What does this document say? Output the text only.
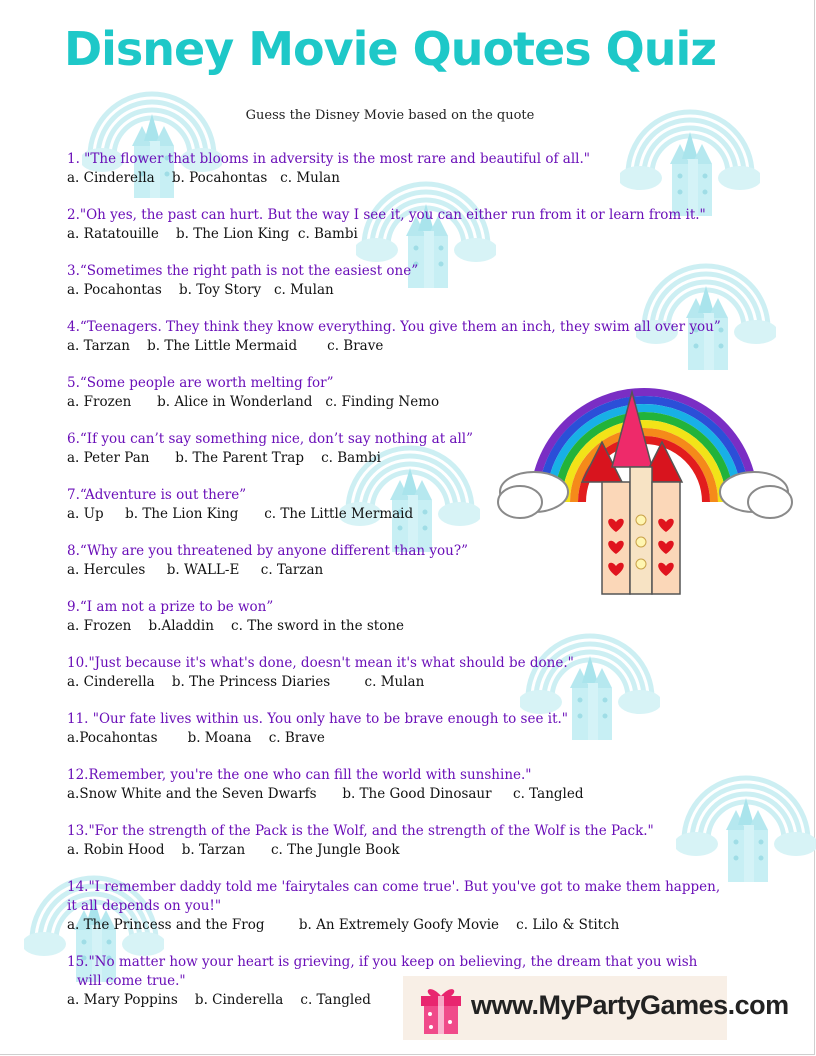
Disney Movie Quotes Quiz
Guess the Disney Movie based on the quote
1. "The flower that blooms in adversity is the most rare and beautiful of all."
a. Cinderella    b. Pocahontas   c. Mulan
2."Oh yes, the past can hurt. But the way I see it, you can either run from it or learn from it."
a. Ratatouille    b. The Lion King  c. Bambi
3.“Sometimes the right path is not the easiest one”
a. Pocahontas    b. Toy Story   c. Mulan
4.“Teenagers. They think they know everything. You give them an inch, they swim all over you”
a. Tarzan    b. The Little Mermaid       c. Brave
5.“Some people are worth melting for”
a. Frozen      b. Alice in Wonderland   c. Finding Nemo
6.“If you can’t say something nice, don’t say nothing at all”
a. Peter Pan      b. The Parent Trap    c. Bambi
7.“Adventure is out there”
a. Up     b. The Lion King      c. The Little Mermaid
8.“Why are you threatened by anyone different than you?”
a. Hercules     b. WALL-E     c. Tarzan
9.“I am not a prize to be won”
a. Frozen    b.Aladdin    c. The sword in the stone
10."Just because it's what's done, doesn't mean it's what should be done."
a. Cinderella    b. The Princess Diaries        c. Mulan
11. "Our fate lives within us. You only have to be brave enough to see it."
a.Pocahontas       b. Moana    c. Brave
12.Remember, you're the one who can fill the world with sunshine."
a.Snow White and the Seven Dwarfs      b. The Good Dinosaur     c. Tangled
13."For the strength of the Pack is the Wolf, and the strength of the Wolf is the Pack."
a. Robin Hood    b. Tarzan      c. The Jungle Book
14."I remember daddy told me 'fairytales can come true'. But you've got to make them happen,
it all depends on you!"
a. The Princess and the Frog        b. An Extremely Goofy Movie    c. Lilo & Stitch
15."No matter how your heart is grieving, if you keep on believing, the dream that you wish
will come true."
a. Mary Poppins    b. Cinderella    c. Tangled	www.MyPartyGames.com
